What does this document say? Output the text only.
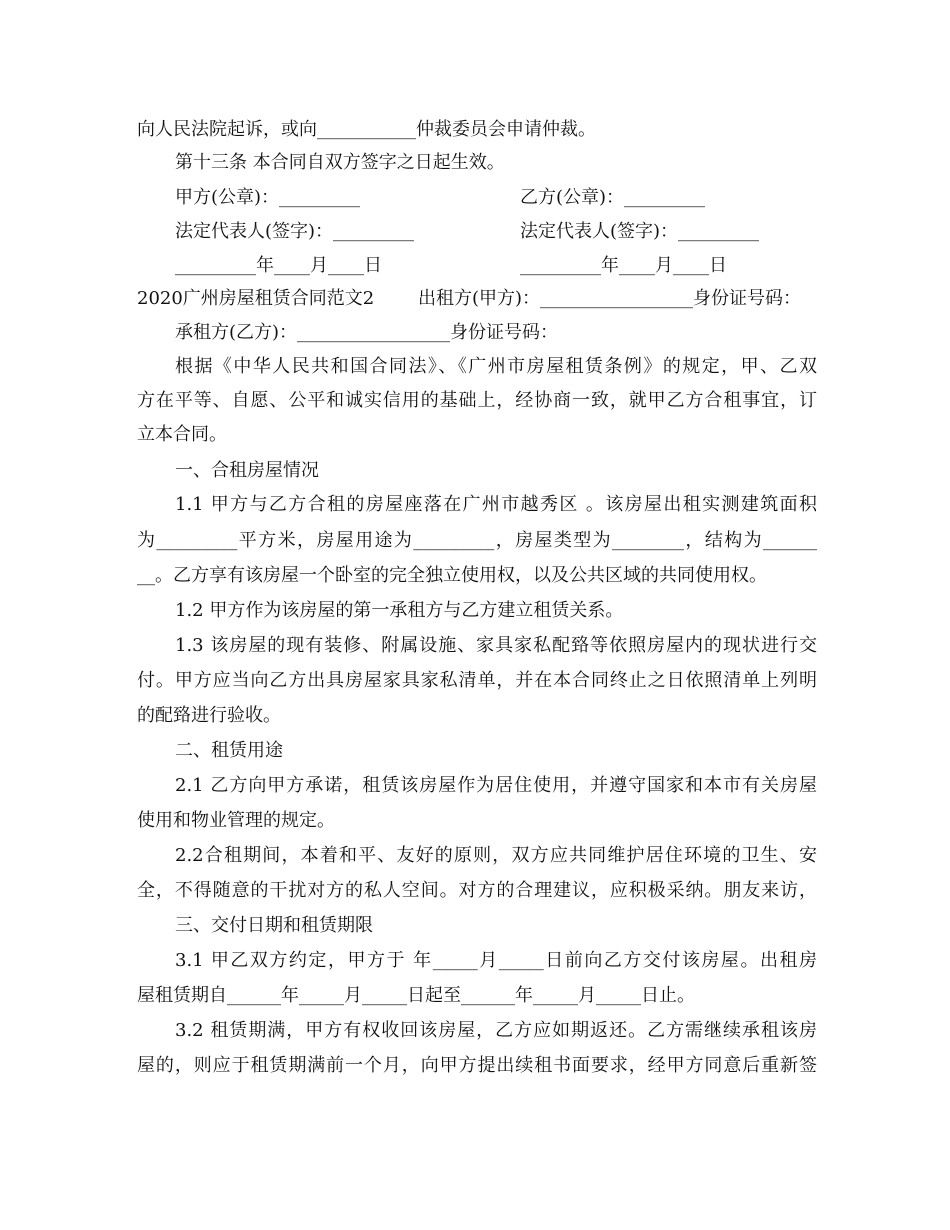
向人民法院起诉，或向___________仲裁委员会申请仲裁。
第十三条 本合同自双方签字之日起生效。
甲方(公章)：_________	乙方(公章)：_________
法定代表人(签字)：_________	法定代表人(签字)：_________
_________年____月____日	_________年____月____日
2020广州房屋租赁合同范文2 出租方(甲方)：_________________身份证号码：
承租方(乙方)：_________________身份证号码：
根据《中华人民共和国合同法》、《广州市房屋租赁条例》的规定，甲、乙双
方在平等、自愿、公平和诚实信用的基础上，经协商一致，就甲乙方合租事宜，订
立本合同。
一、合租房屋情况
1.1 甲方与乙方合租的房屋座落在广州市越秀区 。该房屋出租实测建筑面积
为_________平方米，房屋用途为_________，房屋类型为________，结构为______
__。乙方享有该房屋一个卧室的完全独立使用权，以及公共区域的共同使用权。
1.2 甲方作为该房屋的第一承租方与乙方建立租赁关系。
1.3 该房屋的现有装修、附属设施、家具家私配臵等依照房屋内的现状进行交
付。甲方应当向乙方出具房屋家具家私清单，并在本合同终止之日依照清单上列明
的配臵进行验收。
二、租赁用途
2.1 乙方向甲方承诺，租赁该房屋作为居住使用，并遵守国家和本市有关房屋
使用和物业管理的规定。
2.2合租期间，本着和平、友好的原则，双方应共同维护居住环境的卫生、安
全，不得随意的干扰对方的私人空间。对方的合理建议，应积极采纳。朋友来访，
三、交付日期和租赁期限
3.1 甲乙双方约定，甲方于 年_____月_____日前向乙方交付该房屋。出租房
屋租赁期自______年_____月_____日起至______年_____月_____日止。
3.2 租赁期满，甲方有权收回该房屋，乙方应如期返还。乙方需继续承租该房
屋的，则应于租赁期满前一个月，向甲方提出续租书面要求，经甲方同意后重新签
